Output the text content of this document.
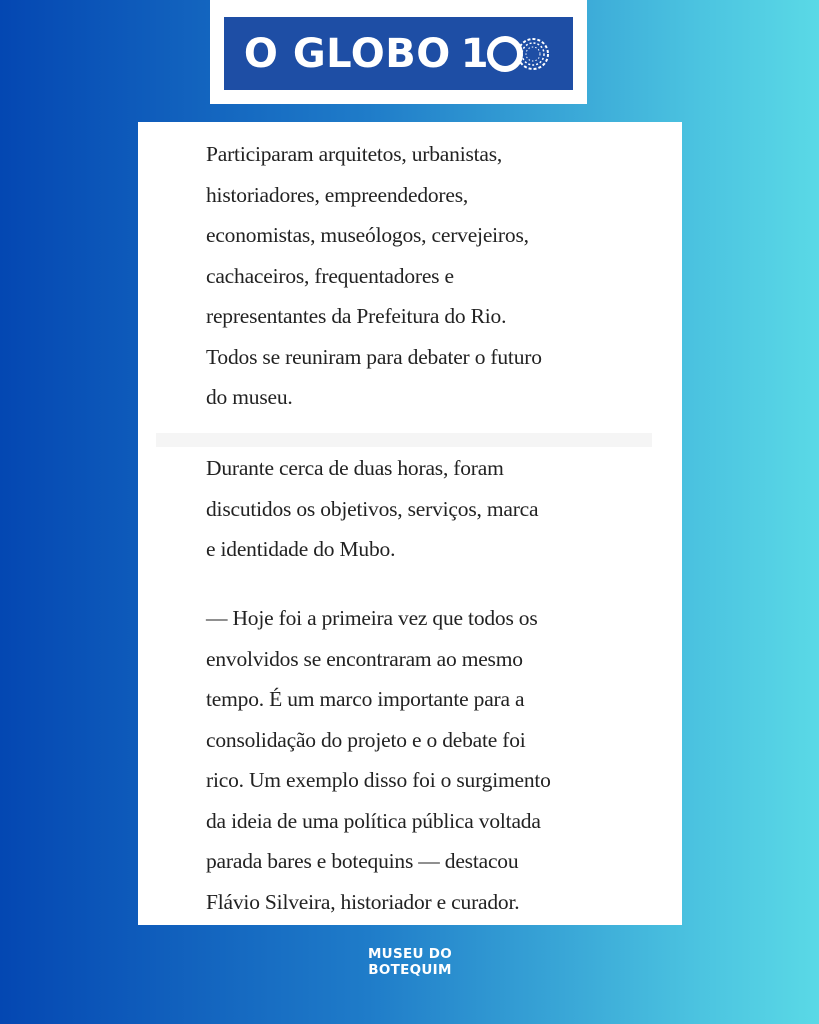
O GLOBO 1

Participaram arquitetos, urbanistas,
historiadores, empreendedores,
economistas, museólogos, cervejeiros,
cachaceiros, frequentadores e
representantes da Prefeitura do Rio.
Todos se reuniram para debater o futuro
do museu.

Durante cerca de duas horas, foram
discutidos os objetivos, serviços, marca
e identidade do Mubo.

— Hoje foi a primeira vez que todos os
envolvidos se encontraram ao mesmo
tempo. É um marco importante para a
consolidação do projeto e o debate foi
rico. Um exemplo disso foi o surgimento
da ideia de uma política pública voltada
parada bares e botequins — destacou
Flávio Silveira, historiador e curador.

MUSEU DO
BOTEQUIM
